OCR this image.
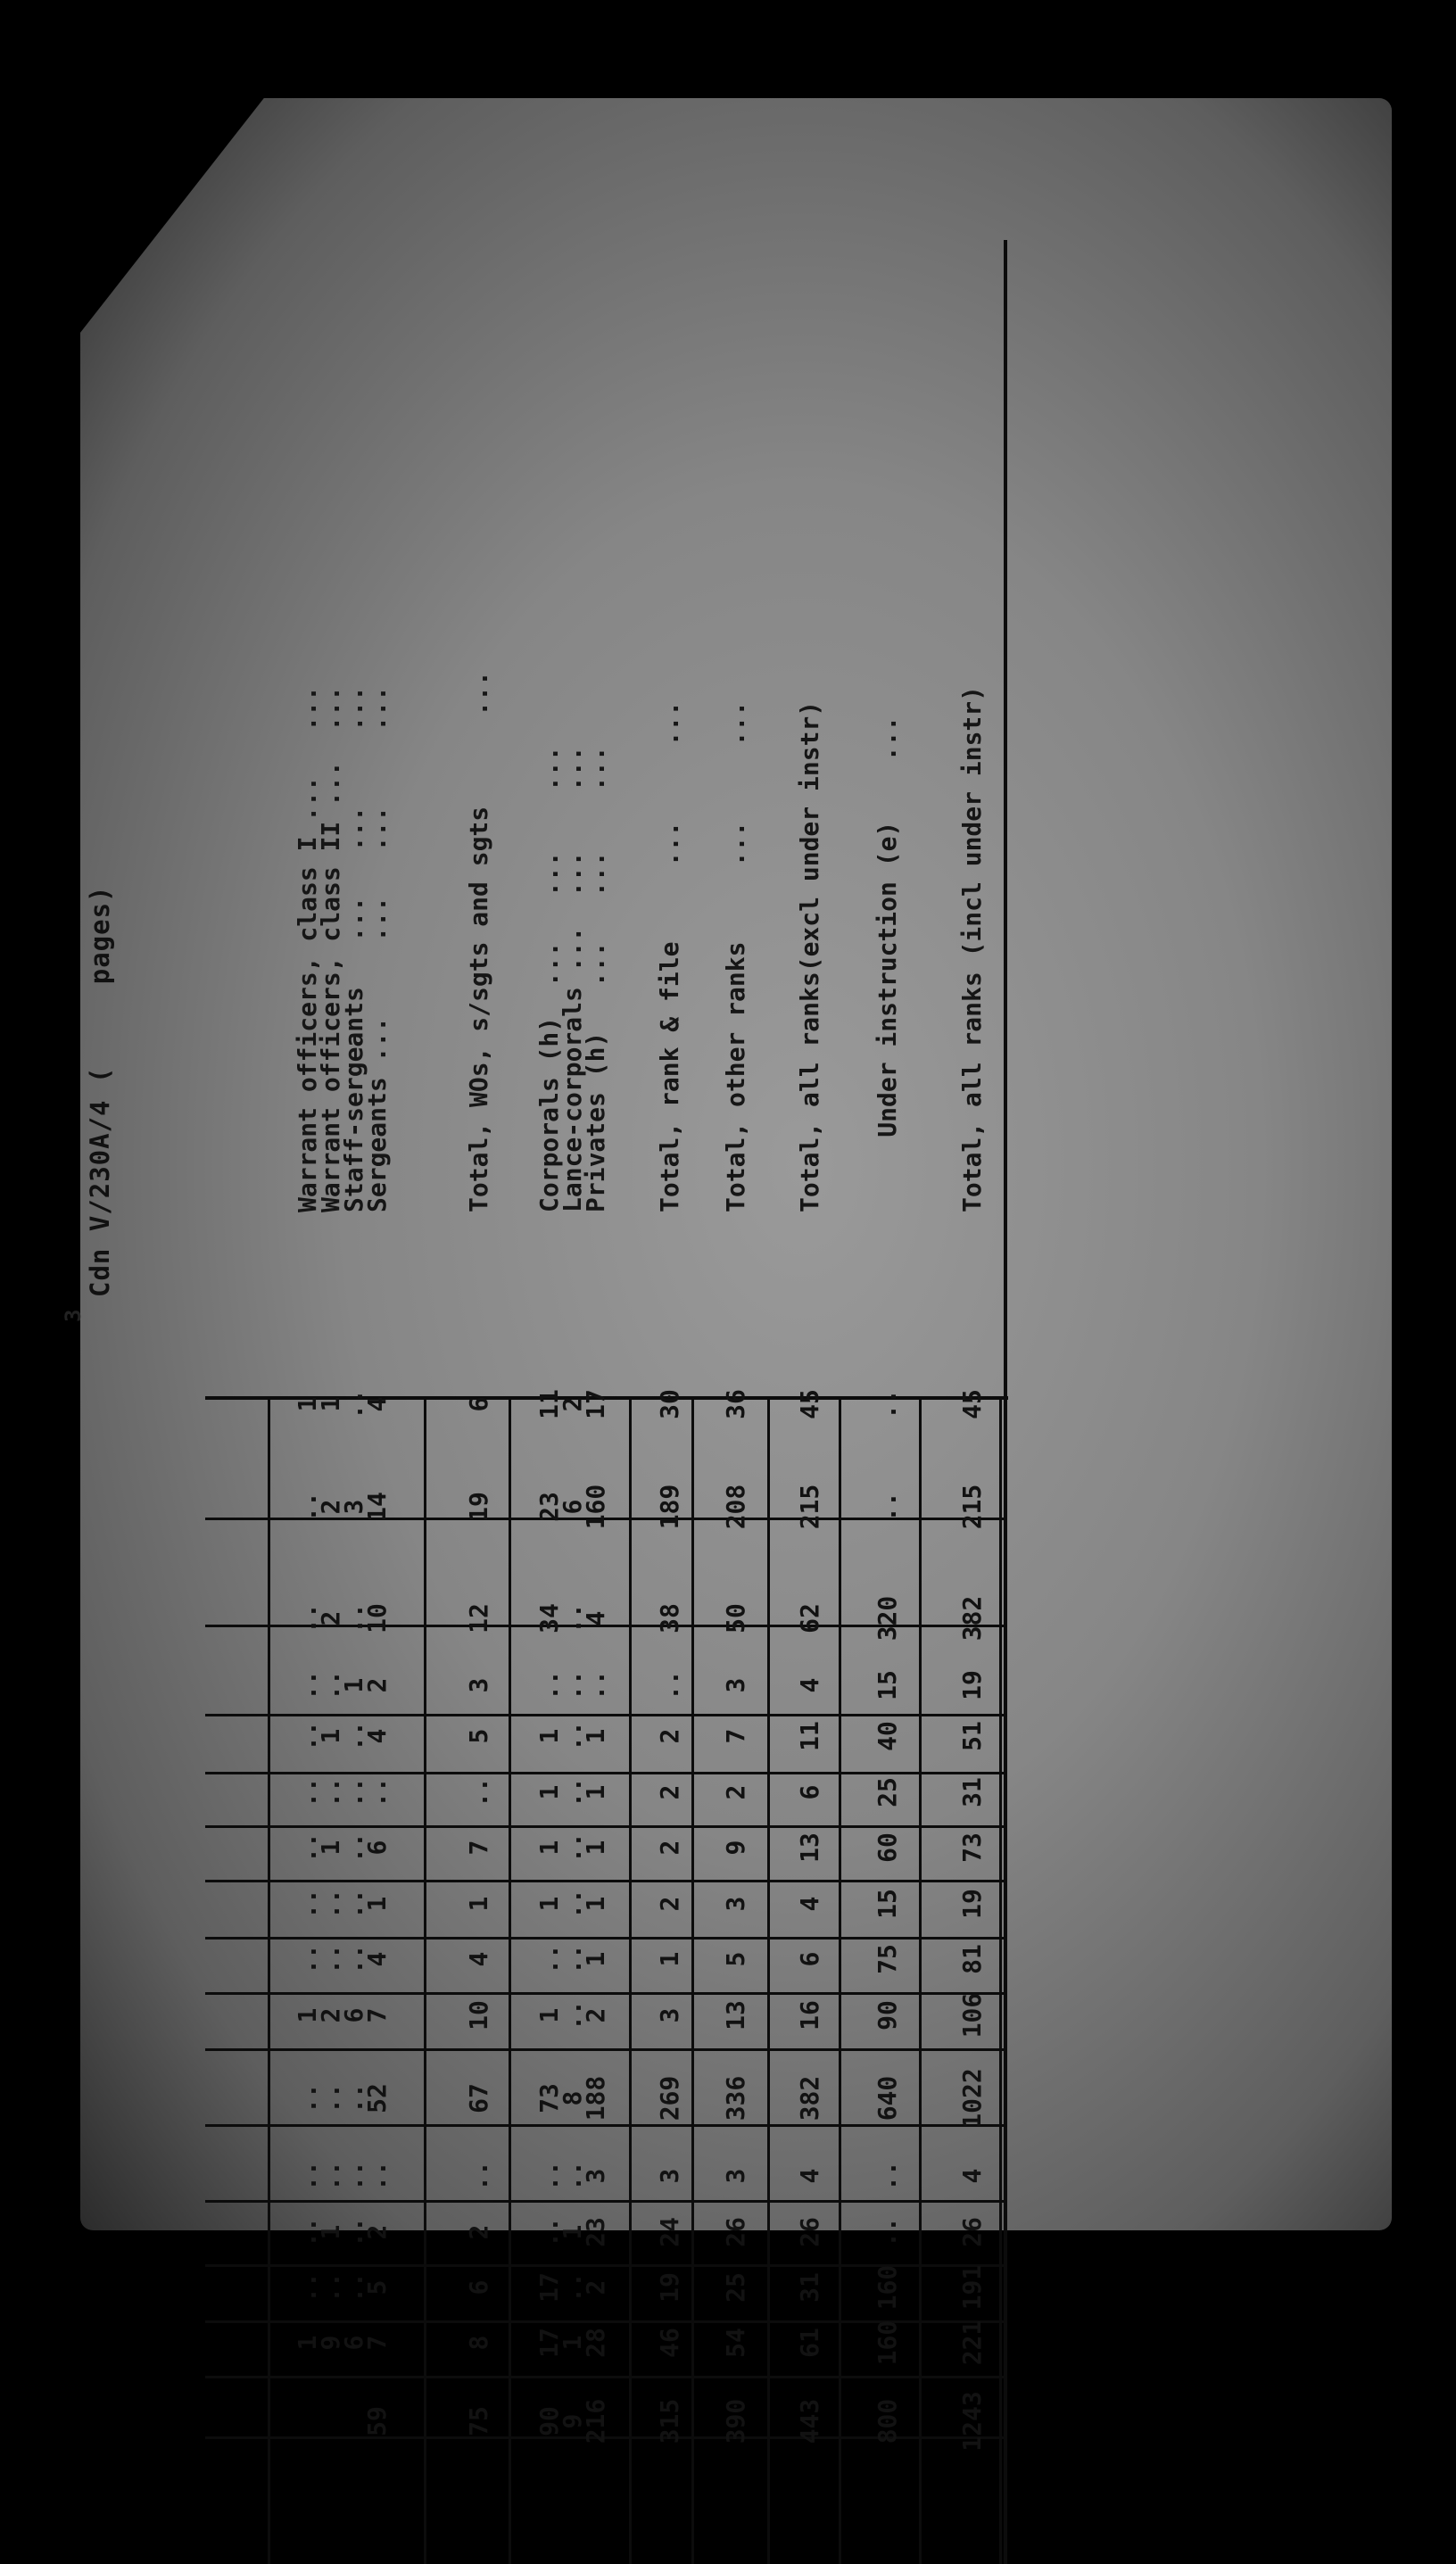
3
Cdn V/230A/4 (     pages)	Warrant officers, class I ...   ...
1
..
..
..
..
..
..
..
..
1
..
..
..
..
1
Warrant officers, class II ...  ...
1
2
2
..
1
..
1
..
..
2
..
..
1
..
9
Staff-sergeants   ...   ...     ...
..
3
..
1
..
..
..
..
..
6
..
..
..
..
6
Sergeants ...     ...   ...     ...
4
14
10
2
4
..
6
1
4
7
52
..
2
5
7
59
Total, WOs, s/sgts and sgts      ...
6
19
12
3
5
..
7
1
4
10
67
..
2
6
8
75
Corporals (h)  ...   ...    ...
11
23
34
..
1
1
1
1
..
1
73
..
..
17
17
90
Lance-corporals ...  ...    ...
2
6
..
..
..
..
..
..
..
..
8
..
1
..
1
9
Privates (h)   ...   ...    ...
17
160
4
..
1
1
1
1
1
2
188
3
23
2
28
216
Total, rank & file     ...     ...
30
189
38
..
2
2
2
2
1
3
269
3
24
19
46
315
Total, other ranks     ...     ...
36
208
50
3
7
2
9
3
5
13
336
3
26
25
54
390
Total, all ranks(excl under instr)
45
215
62
4
11
6
13
4
6
16
382
4
26
31
61
443
Under instruction (e)    ...
..
..
320
15
40
25
60
15
75
90
640
..
..
160
160
800
Total, all ranks (incl under instr)
45
215
382
19
51
31
73
19
81
106
1022
4
26
191
221
1243
